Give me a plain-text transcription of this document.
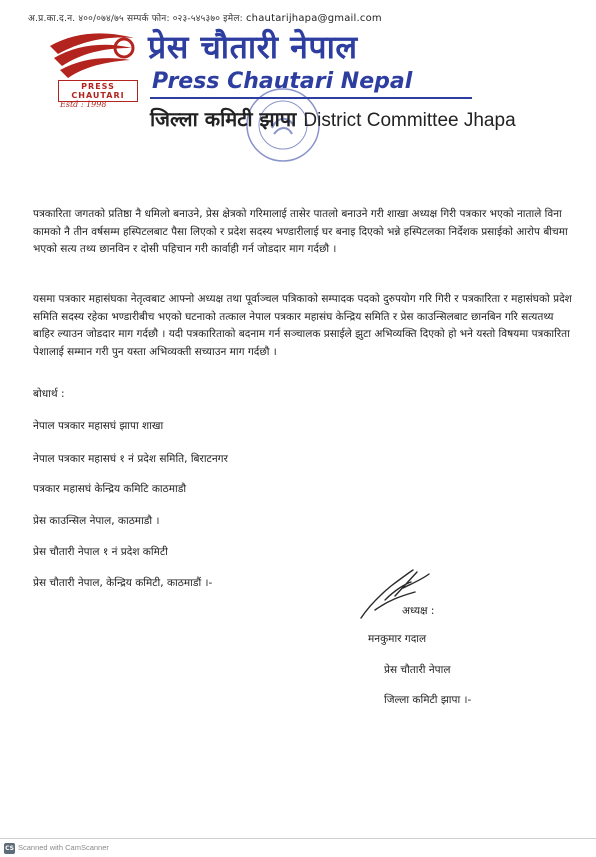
अ.प्र.का.द.न. ४००/०७४/७५ सम्पर्क फोन: ०२३-५४५३७० इमेल: chautarijhapa@gmail.com
PRESS CHAUTARI
Estd : 1998
प्रेस चौतारी नेपाल
Press Chautari Nepal
जिल्ला कमिटी झापा District Committee Jhapa
पत्रकारिता जगतको प्रतिष्ठा नै धमिलो बनाउने, प्रेस क्षेत्रको गरिमालाई तासेर पातलो बनाउने गरी शाखा अध्यक्ष गिरी पत्रकार भएको नाताले विना कामको नै तीन वर्षसम्म हस्पिटलबाट पैसा लिएको र प्रदेश सदस्य भण्डारीलाई घर बनाइ दिएको भन्ने हस्पिटलका निर्देशक प्रसाईको आरोप बीचमा भएको सत्य तथ्य छानविन र दोसी पहिचान गरी कार्वाही गर्न जोडदार माग गर्दछौ ।
यसमा पत्रकार महासंघका नेतृत्वबाट आफ्नो अध्यक्ष तथा पूर्वाञ्चल पत्रिकाको सम्पादक पदको दुरुपयोग गरि गिरी र पत्रकारिता र महासंघको प्रदेश समिति सदस्य रहेका भण्डारीबीच भएको घटनाको तत्काल नेपाल पत्रकार महासंघ केन्द्रिय समिति र प्रेस काउन्सिलबाट छानबिन गरि सत्यतथ्य बाहिर ल्याउन जोडदार माग गर्दछौ । यदी पत्रकारिताको बदनाम गर्न सञ्चालक प्रसाईले झुटा अभिव्यक्ति दिएको हो भने यस्तो विषयमा पत्रकारिता पेशालाई सम्मान गरी पुन यस्ता अभिव्यक्ती सच्याउन माग गर्दछौ ।
बोधार्थ :
नेपाल पत्रकार महासघं झापा शाखा
नेपाल पत्रकार महासघं १ नं प्रदेश समिति, बिराटनगर
पत्रकार महासघं केन्द्रिय कमिटि काठमाडौ
प्रेस काउन्सिल नेपाल, काठमाडौ ।
प्रेस चौतारी नेपाल १ नं प्रदेश कमिटी
प्रेस चौतारी नेपाल, केन्द्रिय कमिटी, काठमाडौं ।-
अध्यक्ष :
मनकुमार गदाल
प्रेस चौतारी नेपाल
जिल्ला कमिटी झापा ।-
CS Scanned with CamScanner
